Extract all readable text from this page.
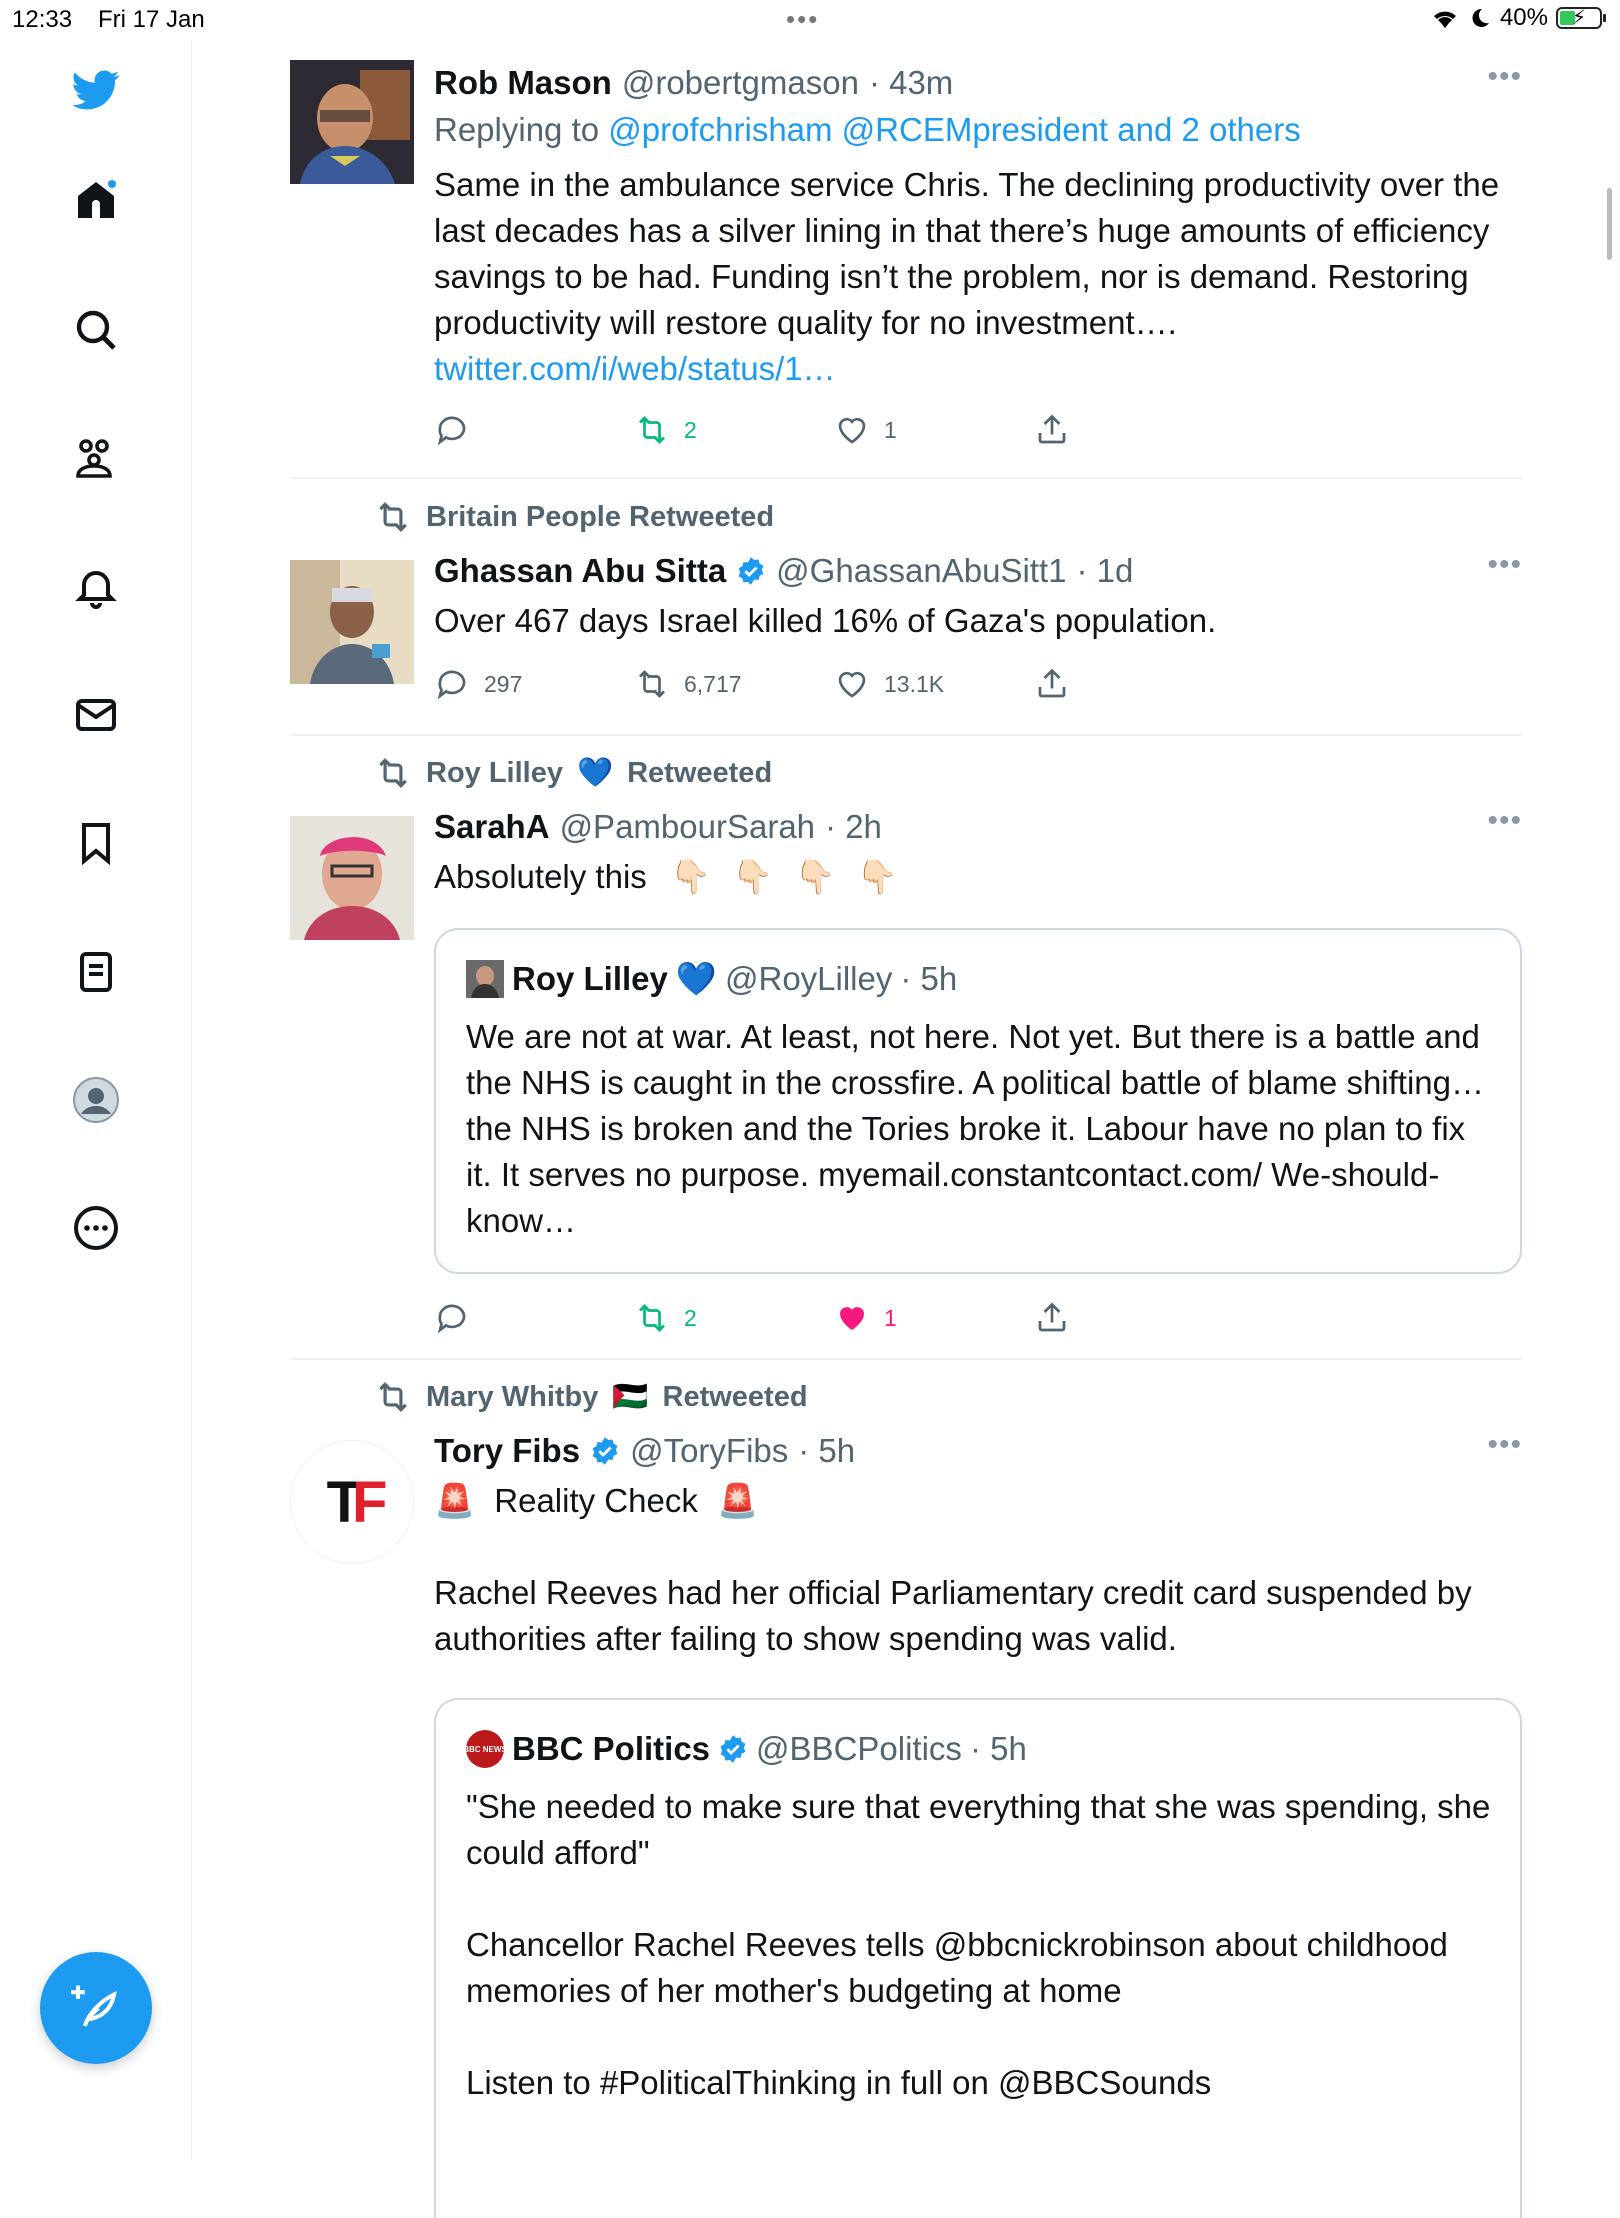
12:33 Fri 17 Jan	•••	40% ⚡
Rob Mason @robertgmason · 43m	•••
Replying to @profchrisham @RCEMpresident and 2 others
Same in the ambulance service Chris. The declining productivity over the last decades has a silver lining in that there’s huge amounts of efficiency savings to be had. Funding isn’t the problem, nor is demand. Restoring productivity will restore quality for no investment….
twitter.com/i/web/status/1…
2	1
Britain People Retweeted
Ghassan Abu Sitta @GhassanAbuSitt1 · 1d	•••
Over 467 days Israel killed 16% of Gaza's population.
297	6,717	13.1K
Roy Lilley 💙 Retweeted
SarahA @PambourSarah · 2h	•••
Absolutely this 👇🏻 👇🏻 👇🏻 👇🏻
Roy Lilley 💙 @RoyLilley · 5h
We are not at war. At least, not here. Not yet. But there is a battle and the NHS is caught in the crossfire. A political battle of blame shifting… the NHS is broken and the Tories broke it. Labour have no plan to fix it. It serves no purpose. myemail.constantcontact.com/ We-should-know…
2	1
Mary Whitby 🇵🇸 Retweeted
TF
Tory Fibs @ToryFibs · 5h	•••
🚨 Reality Check 🚨
Rachel Reeves had her official Parliamentary credit card suspended by authorities after failing to show spending was valid.
BBC NEWS BBC Politics @BBCPolitics · 5h
"She needed to make sure that everything that she was spending, she could afford"
Chancellor Rachel Reeves tells @bbcnickrobinson about childhood memories of her mother's budgeting at home
Listen to #PoliticalThinking in full on @BBCSounds
